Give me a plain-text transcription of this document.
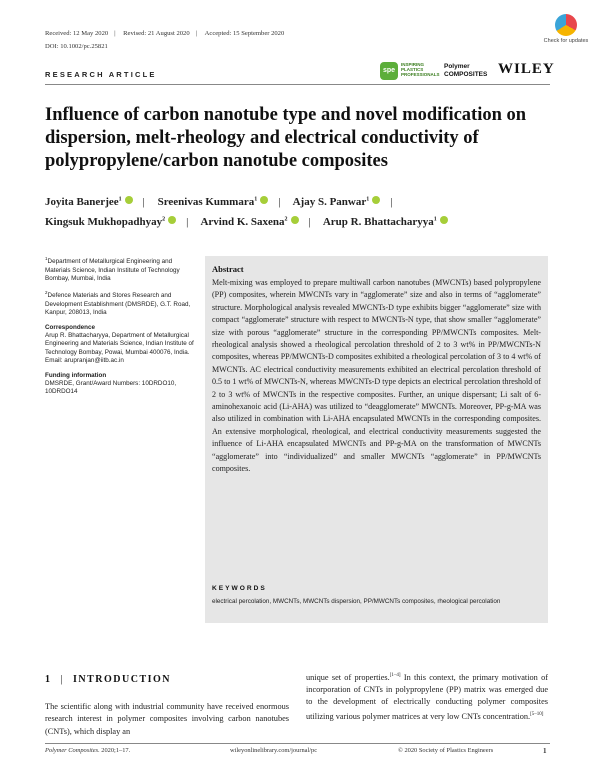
Received: 12 May 2020 | Revised: 21 August 2020 | Accepted: 15 September 2020
DOI: 10.1002/pc.25821
Check for updates
RESEARCH ARTICLE	spe
INSPIRING PLASTICS PROFESSIONALS
Polymer
COMPOSITES WILEY
Influence of carbon nanotube type and novel modification on dispersion, melt-rheology and electrical conductivity of polypropylene/carbon nanotube composites
Joyita Banerjee$^1$ | Sreenivas Kummara$^1$ | Ajay S. Panwar$^1$ |
Kingsuk Mukhopadhyay$^2$ | Arvind K. Saxena$^2$ | Arup R. Bhattacharyya$^1$

$^1$Department of Metallurgical Engineering and Materials Science, Indian Institute of Technology Bombay, Mumbai, India

$^2$Defence Materials and Stores Research and Development Establishment (DMSRDE), G.T. Road, Kanpur, 208013, India

Correspondence
Arup R. Bhattacharyya, Department of Metallurgical Engineering and Materials Science, Indian Institute of Technology Bombay, Powai, Mumbai 400076, India.
Email: arupranjan@iitb.ac.in

Funding information
DMSRDE, Grant/Award Numbers: 10DRDO10, 10DRDO14

Abstract
Melt-mixing was employed to prepare multiwall carbon nanotubes (MWCNTs) based polypropylene (PP) composites, wherein MWCNTs vary in “agglomerate” size and also in terms of “agglomerate” structure. Morphological analysis revealed MWCNTs-D type exhibits bigger “agglomerate” size with compact “agglomerate” structure with respect to MWCNTs-N type, that show smaller “agglomerate” size with porous “agglomerate” structure in the corresponding PP/MWCNTs composites. Melt-rheological analysis showed a rheological percolation threshold of 2 to 3 wt% in PP/MWCNTs-N composites, whereas PP/MWCNTs-D composites exhibited a rheological percolation of 3 to 4 wt% of MWCNTs. AC electrical conductivity measurements exhibited an electrical percolation threshold of 0.5 to 1 wt% of MWCNTs-N, whereas MWCNTs-D type depicts an electrical percolation threshold of 2 to 3 wt% of MWCNTs in the respective composites. Further, an unique dispersant; Li salt of 6-aminohexanoic acid (Li-AHA) was utilized to “deagglomerate” MWCNTs. Moreover, PP-g-MA was also utilized in combination with Li-AHA encapsulated MWCNTs in the corresponding composites. An extensive morphological, rheological, and electrical conductivity measurements suggested the influence of Li-AHA encapsulated MWCNTs and PP-g-MA on the transformation of MWCNTs “agglomerate” into “individualized” and smaller MWCNTs “agglomerate” in PP/MWCNTs composites.
KEYWORDS
electrical percolation, MWCNTs, MWCNTs dispersion, PP/MWCNTs composites, rheological percolation
1 | INTRODUCTION
The scientific along with industrial community have received enormous research interest in polymer composites involving carbon nanotubes (CNTs), which display an
unique set of properties.[1–4] In this context, the primary motivation of incorporation of CNTs in polypropylene (PP) matrix was emerged due to the development of electrically conducting polymer composites utilizing various polymer matrices at very low CNTs concentration.[5–10]
Polymer Composites. 2020;1–17.	wileyonlinelibrary.com/journal/pc	© 2020 Society of Plastics Engineers	1
